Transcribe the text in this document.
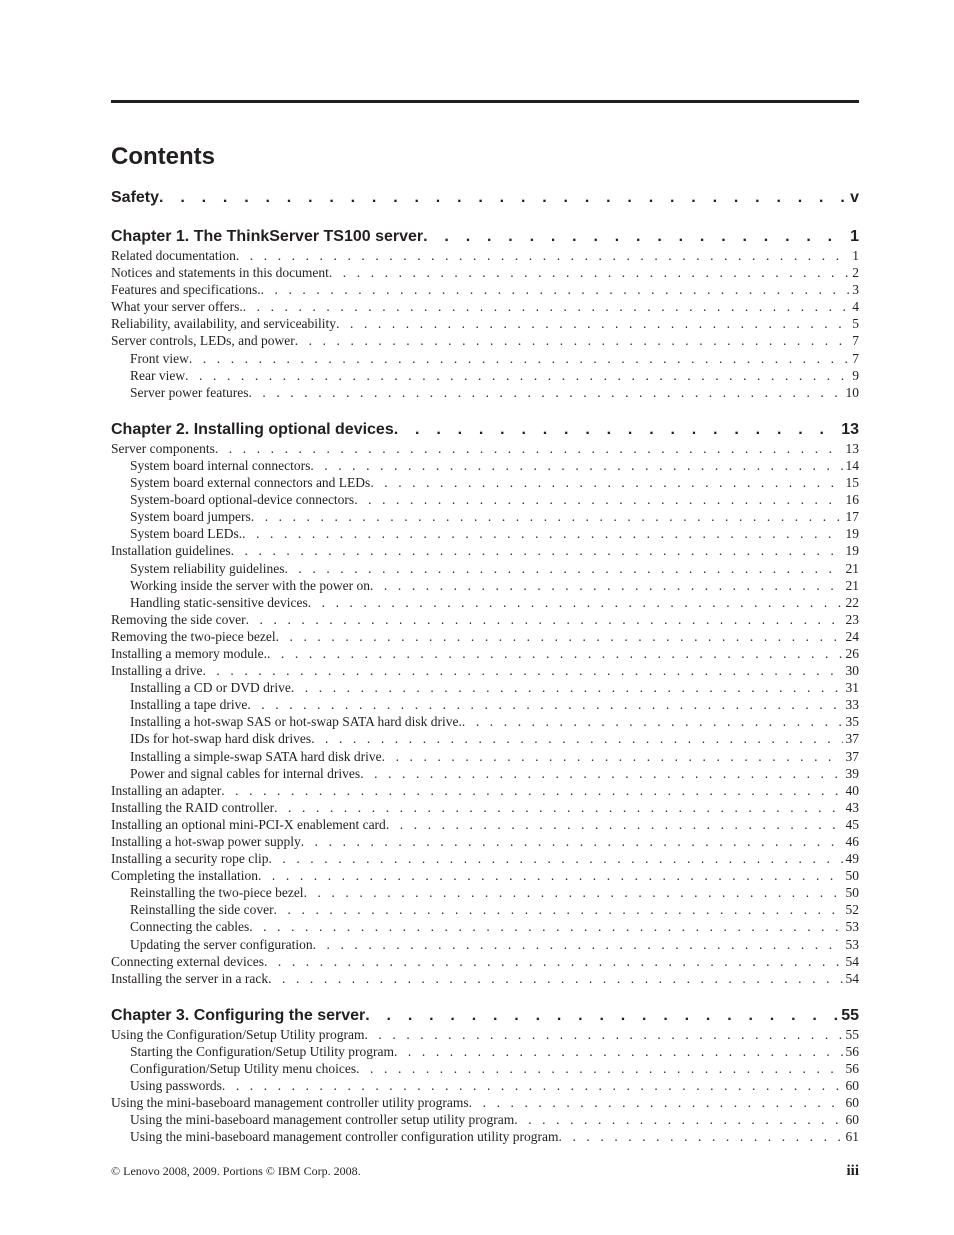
Contents
Safety . . .	v
Chapter 1. The ThinkServer TS100 server . . .	1
Related documentation . . .	1
Notices and statements in this document . . .	2
Features and specifications. . . .	3
What your server offers. . . .	4
Reliability, availability, and serviceability . . .	5
Server controls, LEDs, and power . . .	7
Front view . . .	7
Rear view . . .	9
Server power features . . .	10
Chapter 2. Installing optional devices . . .	13
Server components . . .	13
System board internal connectors . . .	14
System board external connectors and LEDs . . .	15
System-board optional-device connectors . . .	16
System board jumpers . . .	17
System board LEDs. . . .	19
Installation guidelines . . .	19
System reliability guidelines . . .	21
Working inside the server with the power on . . .	21
Handling static-sensitive devices . . .	22
Removing the side cover . . .	23
Removing the two-piece bezel . . .	24
Installing a memory module. . . .	26
Installing a drive . . .	30
Installing a CD or DVD drive . . .	31
Installing a tape drive . . .	33
Installing a hot-swap SAS or hot-swap SATA hard disk drive. . . .	35
IDs for hot-swap hard disk drives . . .	37
Installing a simple-swap SATA hard disk drive . . .	37
Power and signal cables for internal drives . . .	39
Installing an adapter . . .	40
Installing the RAID controller . . .	43
Installing an optional mini-PCI-X enablement card . . .	45
Installing a hot-swap power supply . . .	46
Installing a security rope clip . . .	49
Completing the installation . . .	50
Reinstalling the two-piece bezel . . .	50
Reinstalling the side cover . . .	52
Connecting the cables . . .	53
Updating the server configuration . . .	53
Connecting external devices . . .	54
Installing the server in a rack . . .	54
Chapter 3. Configuring the server . . .	55
Using the Configuration/Setup Utility program . . .	55
Starting the Configuration/Setup Utility program . . .	56
Configuration/Setup Utility menu choices . . .	56
Using passwords . . .	60
Using the mini-baseboard management controller utility programs . . .	60
Using the mini-baseboard management controller setup utility program . . .	60
Using the mini-baseboard management controller configuration utility program . . .	61
© Lenovo 2008, 2009. Portions © IBM Corp. 2008.	iii
